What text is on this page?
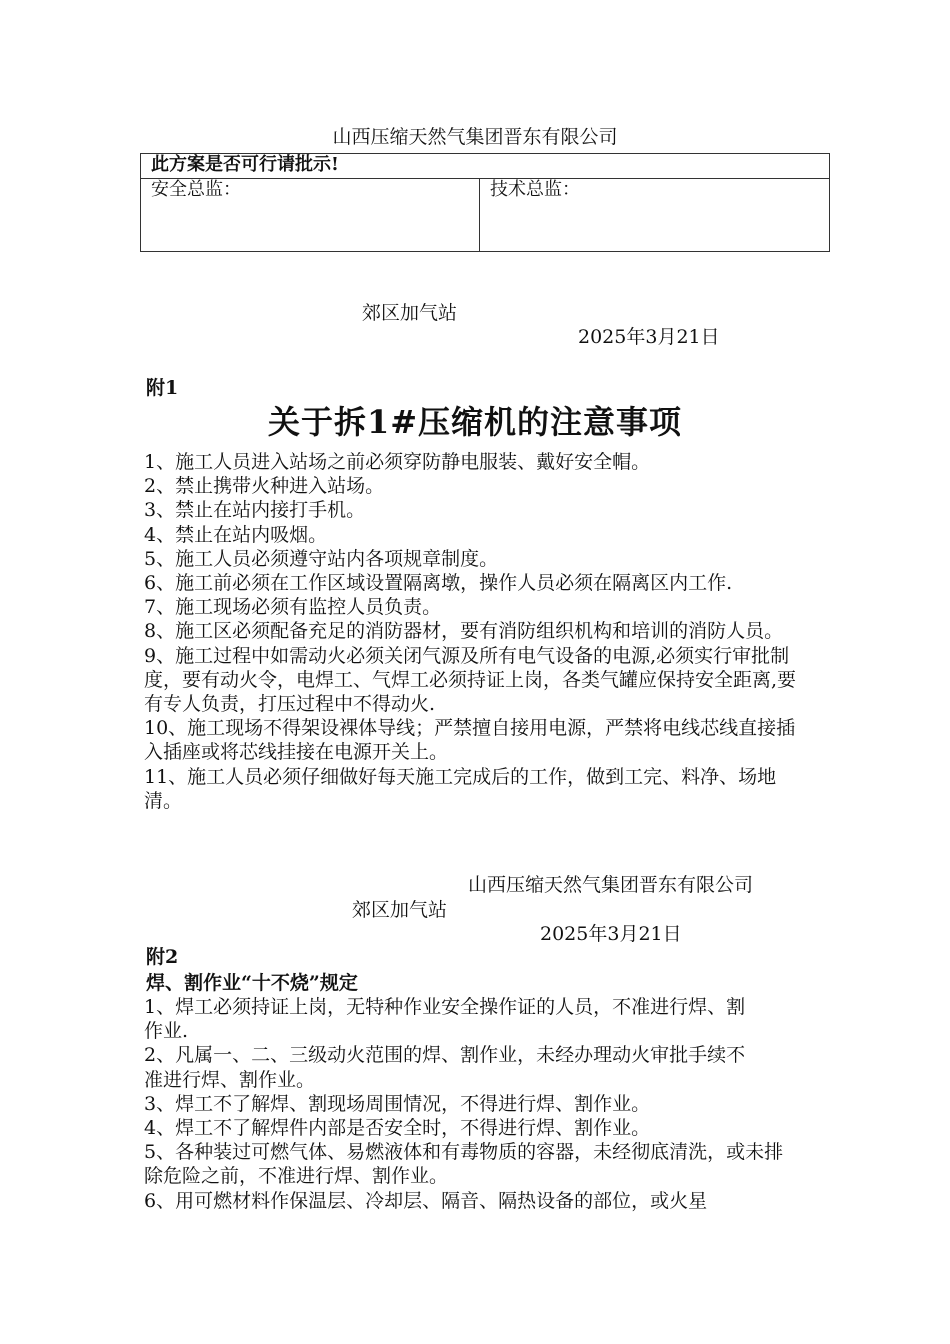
山西压缩天然气集团晋东有限公司
此方案是否可行请批示!
安全总监：	技术总监：
郊区加气站
2025年3月21日
附1
关于拆1#压缩机的注意事项

1、施工人员进入站场之前必须穿防静电服装、戴好安全帽。

2、禁止携带火种进入站场。

3、禁止在站内接打手机。

4、禁止在站内吸烟。

5、施工人员必须遵守站内各项规章制度。

6、施工前必须在工作区域设置隔离墩，操作人员必须在隔离区内工作.

7、施工现场必须有监控人员负责。

8、施工区必须配备充足的消防器材，要有消防组织机构和培训的消防人员。

9、施工过程中如需动火必须关闭气源及所有电气设备的电源,必须实行审批制度，要有动火令，电焊工、气焊工必须持证上岗，各类气罐应保持安全距离,要有专人负责，打压过程中不得动火.

10、施工现场不得架设裸体导线；严禁擅自接用电源，严禁将电线芯线直接插入插座或将芯线挂接在电源开关上。

11、施工人员必须仔细做好每天施工完成后的工作，做到工完、料净、场地清。

山西压缩天然气集团晋东有限公司
郊区加气站
2025年3月21日
附2
焊、割作业“十不烧”规定

1、焊工必须持证上岗，无特种作业安全操作证的人员，不准进行焊、割作业.

2、凡属一、二、三级动火范围的焊、割作业，未经办理动火审批手续不准进行焊、割作业。

3、焊工不了解焊、割现场周围情况，不得进行焊、割作业。

4、焊工不了解焊件内部是否安全时，不得进行焊、割作业。

5、各种装过可燃气体、易燃液体和有毒物质的容器，未经彻底清洗，或未排除危险之前，不准进行焊、割作业。

6、用可燃材料作保温层、冷却层、隔音、隔热设备的部位，或火星
